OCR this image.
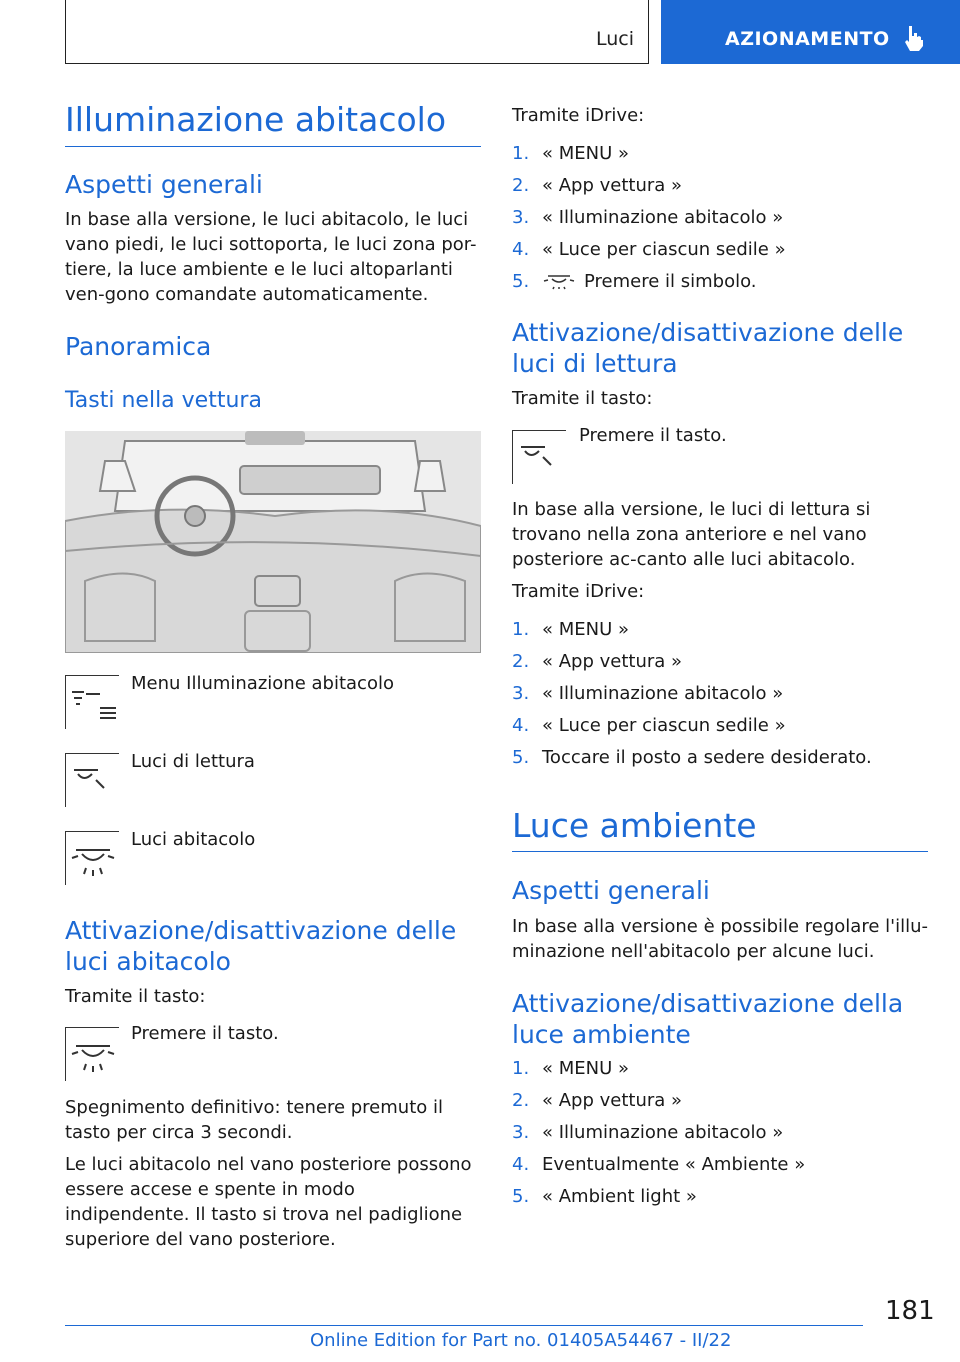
Luci	AZIONAMENTO
Illuminazione abitacolo
Aspetti generali

In base alla versione, le luci abitacolo, le luci vano piedi, le luci sottoporta, le luci zona por-tiere, la luce ambiente e le luci altoparlanti ven-gono comandate automaticamente.

Panoramica
Tasti nella vettura
Menu Illuminazione abitacolo
Luci di lettura
Luci abitacolo
Attivazione/disattivazione delle luci abitacolo

Tramite il tasto:

Premere il tasto.

Spegnimento definitivo: tenere premuto il tasto per circa 3 secondi.

Le luci abitacolo nel vano posteriore possono essere accese e spente in modo indipendente. Il tasto si trova nel padiglione superiore del vano posteriore.

Tramite iDrive:

1. « MENU »
2. « App vettura »
3. « Illuminazione abitacolo »
4. « Luce per ciascun sedile »
5.	Premere il simbolo.
Attivazione/disattivazione delle luci di lettura

Tramite il tasto:

Premere il tasto.

In base alla versione, le luci di lettura si trovano nella zona anteriore e nel vano posteriore ac-canto alle luci abitacolo.

Tramite iDrive:

1. « MENU »
2. « App vettura »
3. « Illuminazione abitacolo »
4. « Luce per ciascun sedile »
5. Toccare il posto a sedere desiderato.
Luce ambiente
Aspetti generali

In base alla versione è possibile regolare l'illu-minazione nell'abitacolo per alcune luci.

Attivazione/disattivazione della luce ambiente
1. « MENU »
2. « App vettura »
3. « Illuminazione abitacolo »
4. Eventualmente « Ambiente »
5. « Ambient light »
181
Online Edition for Part no. 01405A54467 - II/22
